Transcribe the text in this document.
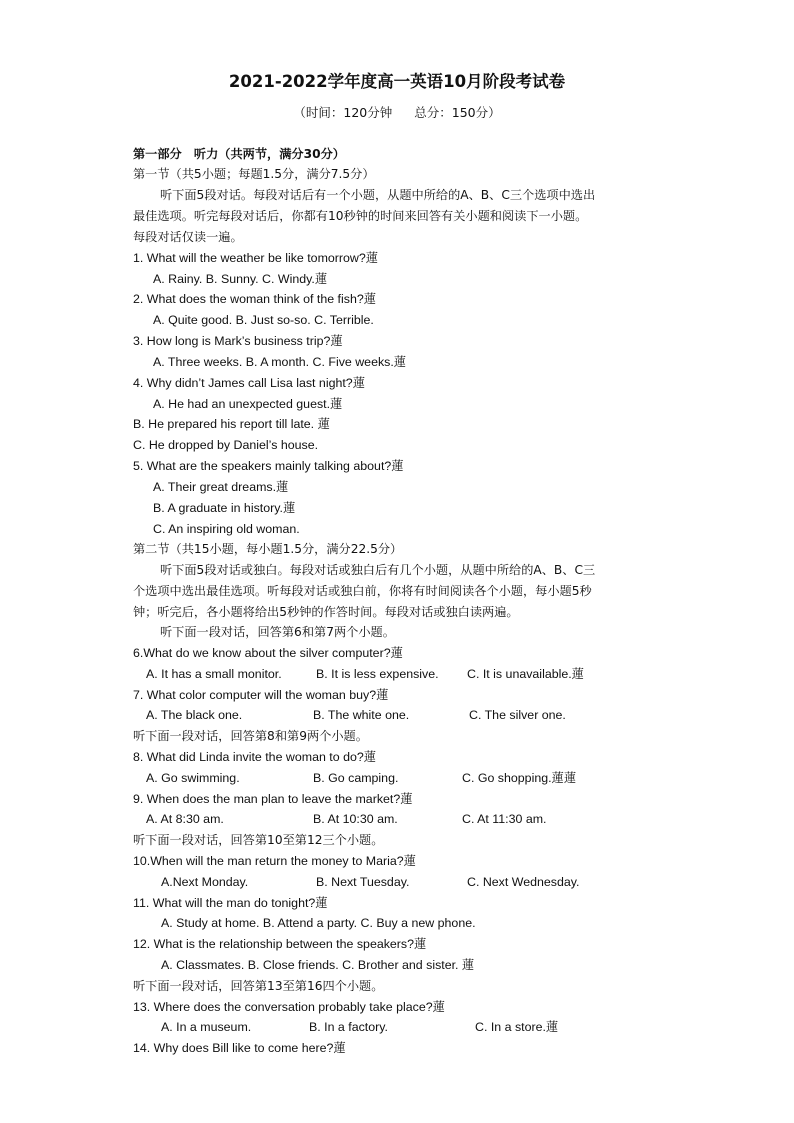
2021-2022学年度高一英语10月阶段考试卷
（时间：120分钟 总分：150分）
第一部分　听力（共两节，满分30分）
第一节（共5小题；每题1.5分，满分7.5分）
听下面5段对话。每段对话后有一个小题，从题中所给的A、B、C三个选项中选出
最佳选项。听完每段对话后，你都有10秒钟的时间来回答有关小题和阅读下一小题。
每段对话仅读一遍。
1. What will the weather be like tomorrow?蓮
A. Rainy. B. Sunny. C. Windy.蓮
2. What does the woman think of the fish?蓮
A. Quite good. B. Just so-so. C. Terrible.
3. How long is Mark’s business trip?蓮
A. Three weeks. B. A month. C. Five weeks.蓮
4. Why didn’t James call Lisa last night?蓮
A. He had an unexpected guest.蓮
B. He prepared his report till late. 蓮
C. He dropped by Daniel’s house.
5. What are the speakers mainly talking about?蓮
A. Their great dreams.蓮
B. A graduate in history.蓮
C. An inspiring old woman.
第二节（共15小题，每小题1.5分，满分22.5分）
听下面5段对话或独白。每段对话或独白后有几个小题，从题中所给的A、B、C三
个选项中选出最佳选项。听每段对话或独白前，你将有时间阅读各个小题，每小题5秒
钟；听完后，各小题将给出5秒钟的作答时间。每段对话或独白读两遍。
听下面一段对话，回答第6和第7两个小题。
6.What do we know about the silver computer?蓮
A. It has a small monitor.	B. It is less expensive. C. It is unavailable.蓮
7. What color computer will the woman buy?蓮
A. The black one.	B. The white one.	C. The silver one.
听下面一段对话，回答第8和第9两个小题。
8. What did Linda invite the woman to do?蓮
A. Go swimming.	B. Go camping.	C. Go shopping.蓮蓮
9. When does the man plan to leave the market?蓮
A. At 8:30 am.	B. At 10:30 am.	C. At 11:30 am.
听下面一段对话，回答第10至第12三个小题。
10.When will the man return the money to Maria?蓮
A.Next Monday.	B. Next Tuesday.	C. Next Wednesday.
11. What will the man do tonight?蓮
A. Study at home. B. Attend a party. C. Buy a new phone.
12. What is the relationship between the speakers?蓮
A. Classmates. B. Close friends. C. Brother and sister. 蓮
听下面一段对话，回答第13至第16四个小题。
13. Where does the conversation probably take place?蓮
A. In a museum.	B. In a factory.	C. In a store.蓮
14. Why does Bill like to come here?蓮
